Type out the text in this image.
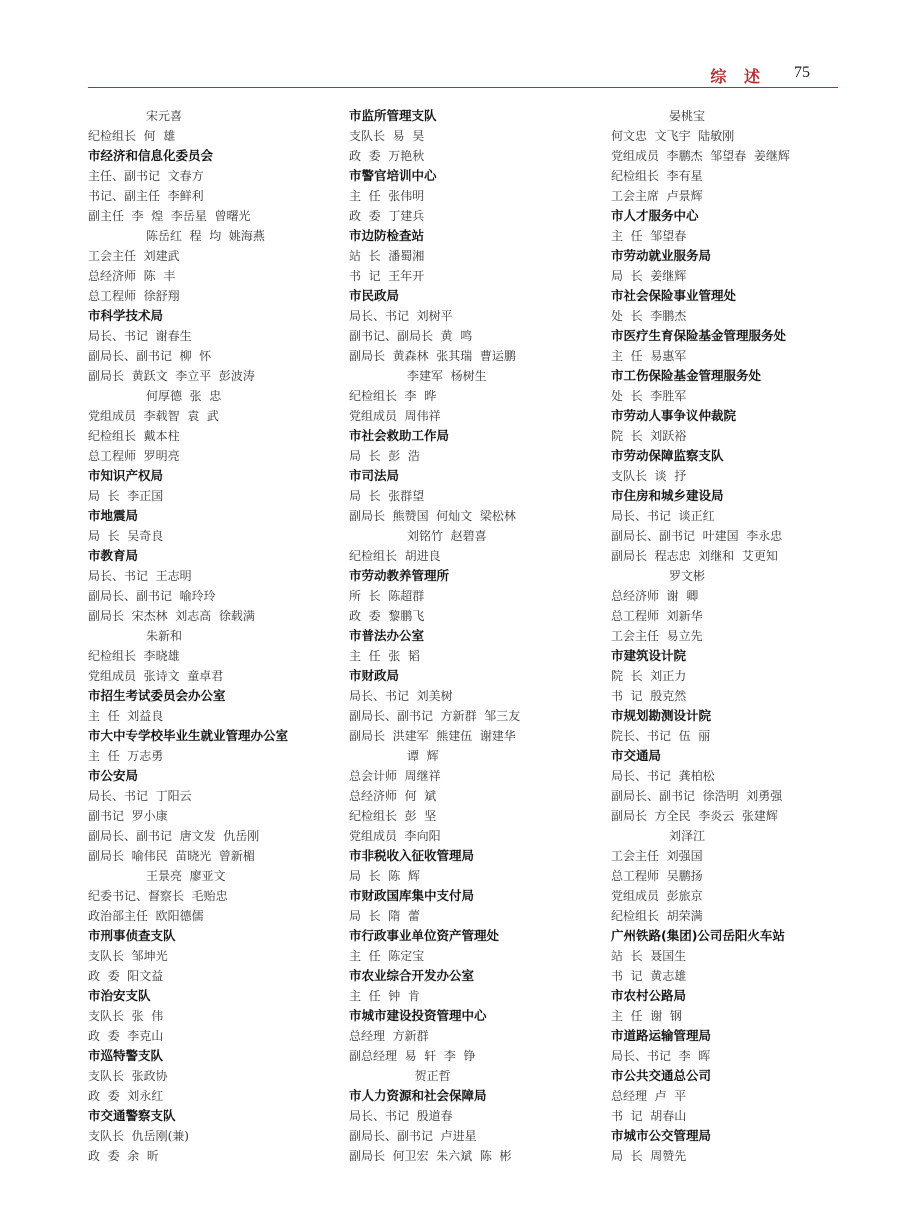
综 述 75
宋元喜
纪检组长  何  雄
市经济和信息化委员会
主任、副书记  文春方
书记、副主任  李鲜利
副主任  李  煌  李岳星  曾曙光
陈岳红  程  均  姚海燕
工会主任  刘建武
总经济师  陈  丰
总工程师  徐舒翔
市科学技术局
局长、书记  谢春生
副局长、副书记  柳  怀
副局长  黄跃文  李立平  彭波涛
何厚德  张  忠
党组成员  李载智  袁  武
纪检组长  戴本柱
总工程师  罗明亮
市知识产权局
局  长  李正国
市地震局
局  长  吴奇良
市教育局
局长、书记  王志明
副局长、副书记  喻玲玲
副局长  宋杰林  刘志高  徐载满
朱新和
纪检组长  李晓雄
党组成员  张诗文  童卓君
市招生考试委员会办公室
主  任  刘益良
市大中专学校毕业生就业管理办公室
主  任  万志勇
市公安局
局长、书记  丁阳云
副书记  罗小康
副局长、副书记  唐文发  仇岳刚
副局长  喻伟民  苗晓光  曾新楣
王景亮  廖亚文
纪委书记、督察长  毛贻忠
政治部主任  欧阳德儒
市刑事侦查支队
支队长  邹坤光
政  委  阳文益
市治安支队
支队长  张  伟
政  委  李克山
市巡特警支队
支队长  张政协
政  委  刘永红
市交通警察支队
支队长  仇岳刚(兼)
政  委  余  昕
市监所管理支队
支队长  易  昊
政  委  万艳秋
市警官培训中心
主  任  张伟明
政  委  丁建兵
市边防检查站
站  长  潘蜀湘
书  记  王年开
市民政局
局长、书记  刘树平
副书记、副局长  黄  鸣
副局长  黄森林  张其瑞  曹运鹏
李建军  杨树生
纪检组长  李  晔
党组成员  周伟祥
市社会救助工作局
局  长  彭  浩
市司法局
局  长  张群望
副局长  熊赞国  何灿文  梁松林
刘铭竹  赵碧喜
纪检组长  胡进良
市劳动教养管理所
所  长  陈超群
政  委  黎鹏飞
市普法办公室
主  任  张  韬
市财政局
局长、书记  刘美树
副局长、副书记  方新群  邹三友
副局长  洪建军  熊建伍  谢建华
谭  辉
总会计师  周继祥
总经济师  何  斌
纪检组长  彭  坚
党组成员  李向阳
市非税收入征收管理局
局  长  陈  辉
市财政国库集中支付局
局  长  隋  蕾
市行政事业单位资产管理处
主  任  陈定宝
市农业综合开发办公室
主  任  钟  肯
市城市建设投资管理中心
总经理  方新群
副总经理  易  轩  李  铮
贺正哲
市人力资源和社会保障局
局长、书记  殷道春
副局长、副书记  卢进星
副局长  何卫宏  朱六斌  陈  彬
晏桃宝
何文忠  文飞宇  陆敏刚
党组成员  李鹏杰  邹望春  姜继辉
纪检组长  李有星
工会主席  卢景辉
市人才服务中心
主  任  邹望春
市劳动就业服务局
局  长  姜继辉
市社会保险事业管理处
处  长  李鹏杰
市医疗生育保险基金管理服务处
主  任  易惠军
市工伤保险基金管理服务处
处  长  李胜军
市劳动人事争议仲裁院
院  长  刘跃裕
市劳动保障监察支队
支队长  谈  抒
市住房和城乡建设局
局长、书记  谈正红
副局长、副书记  叶建国  李永忠
副局长  程志忠  刘继和  艾更知
罗文彬
总经济师  谢  卿
总工程师  刘新华
工会主任  易立先
市建筑设计院
院  长  刘正力
书  记  殷克然
市规划勘测设计院
院长、书记  伍  丽
市交通局
局长、书记  龚柏松
副局长、副书记  徐浩明  刘勇强
副局长  方全民  李炎云  张建辉
刘泽江
工会主任  刘强国
总工程师  吴鹏扬
党组成员  彭旅京
纪检组长  胡荣满
广州铁路(集团)公司岳阳火车站
站  长  聂国生
书  记  黄志雄
市农村公路局
主  任  谢  钢
市道路运输管理局
局长、书记  李  晖
市公共交通总公司
总经理  卢  平
书  记  胡春山
市城市公交管理局
局  长  周赞先
